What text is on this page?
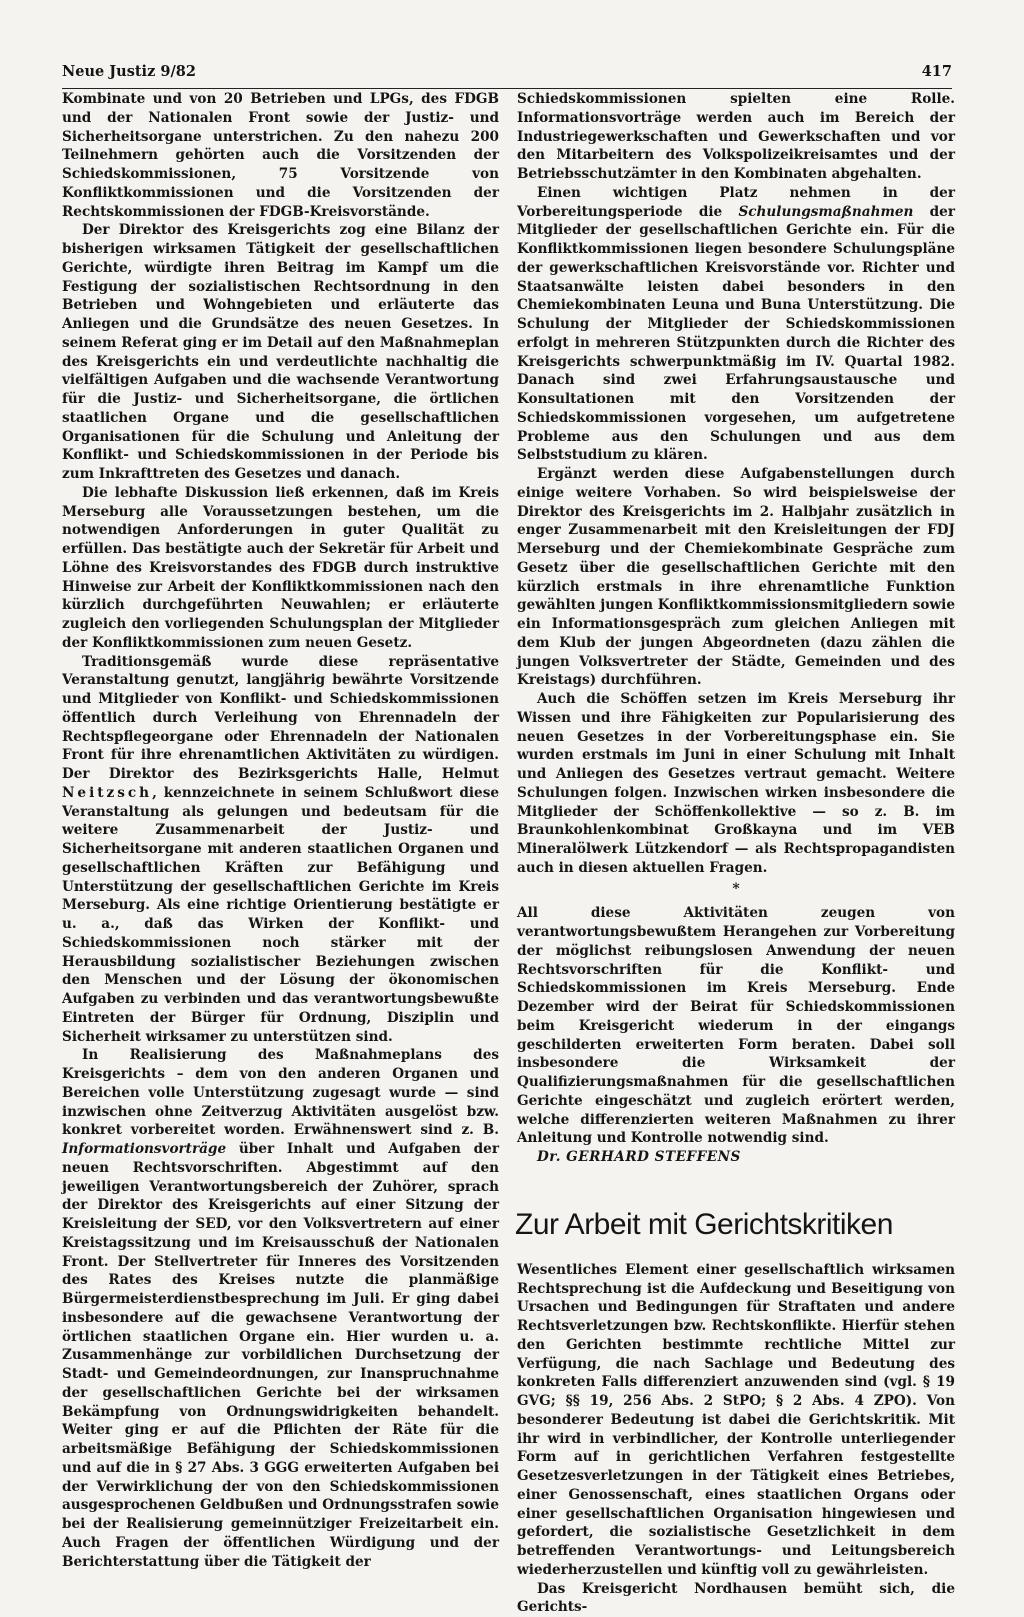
Neue Justiz 9/82	417

Kombinate und von 20 Betrieben und LPGs, des FDGB und der Nationalen Front sowie der Justiz- und Sicherheitsorgane unterstrichen. Zu den nahezu 200 Teilnehmern gehörten auch die Vorsitzenden der Schiedskommissionen, 75 Vorsitzende von Konfliktkommissionen und die Vorsitzenden der Rechtskommissionen der FDGB-Kreisvorstände.

Der Direktor des Kreisgerichts zog eine Bilanz der bisherigen wirksamen Tätigkeit der gesellschaftlichen Gerichte, würdigte ihren Beitrag im Kampf um die Festigung der sozialistischen Rechtsordnung in den Betrieben und Wohngebieten und erläuterte das Anliegen und die Grundsätze des neuen Gesetzes. In seinem Referat ging er im Detail auf den Maßnahmeplan des Kreisgerichts ein und verdeutlichte nachhaltig die vielfältigen Aufgaben und die wachsende Verantwortung für die Justiz- und Sicherheitsorgane, die örtlichen staatlichen Organe und die gesellschaftlichen Organisationen für die Schulung und Anleitung der Konflikt- und Schiedskommissionen in der Periode bis zum Inkrafttreten des Gesetzes und danach.

Die lebhafte Diskussion ließ erkennen, daß im Kreis Merseburg alle Voraussetzungen bestehen, um die notwendigen Anforderungen in guter Qualität zu erfüllen. Das bestätigte auch der Sekretär für Arbeit und Löhne des Kreisvorstandes des FDGB durch instruktive Hinweise zur Arbeit der Konfliktkommissionen nach den kürzlich durchgeführten Neuwahlen; er erläuterte zugleich den vorliegenden Schulungsplan der Mitglieder der Konfliktkommissionen zum neuen Gesetz.

Traditionsgemäß wurde diese repräsentative Veranstaltung genutzt, langjährig bewährte Vorsitzende und Mitglieder von Konflikt- und Schiedskommissionen öffentlich durch Verleihung von Ehrennadeln der Rechtspflegeorgane oder Ehrennadeln der Nationalen Front für ihre ehrenamtlichen Aktivitäten zu würdigen. Der Direktor des Bezirksgerichts Halle, Helmut Neitzsch, kennzeichnete in seinem Schlußwort diese Veranstaltung als gelungen und bedeutsam für die weitere Zusammenarbeit der Justiz- und Sicherheitsorgane mit anderen staatlichen Organen und gesellschaftlichen Kräften zur Befähigung und Unterstützung der gesellschaftlichen Gerichte im Kreis Merseburg. Als eine richtige Orientierung bestätigte er u. a., daß das Wirken der Konflikt- und Schiedskommissionen noch stärker mit der Herausbildung sozialistischer Beziehungen zwischen den Menschen und der Lösung der ökonomischen Aufgaben zu verbinden und das verantwortungsbewußte Eintreten der Bürger für Ordnung, Disziplin und Sicherheit wirksamer zu unterstützen sind.

In Realisierung des Maßnahmeplans des Kreisgerichts – dem von den anderen Organen und Bereichen volle Unterstützung zugesagt wurde — sind inzwischen ohne Zeitverzug Aktivitäten ausgelöst bzw. konkret vorbereitet worden. Erwähnenswert sind z. B. Informationsvorträge über Inhalt und Aufgaben der neuen Rechtsvorschriften. Abgestimmt auf den jeweiligen Verantwortungsbereich der Zuhörer, sprach der Direktor des Kreisgerichts auf einer Sitzung der Kreisleitung der SED, vor den Volksvertretern auf einer Kreistagssitzung und im Kreisausschuß der Nationalen Front. Der Stellvertreter für Inneres des Vorsitzenden des Rates des Kreises nutzte die planmäßige Bürgermeisterdienstbesprechung im Juli. Er ging dabei insbesondere auf die gewachsene Verantwortung der örtlichen staatlichen Organe ein. Hier wurden u. a. Zusammenhänge zur vorbildlichen Durchsetzung der Stadt- und Gemeindeordnungen, zur Inanspruchnahme der gesellschaftlichen Gerichte bei der wirksamen Bekämpfung von Ordnungswidrigkeiten behandelt. Weiter ging er auf die Pflichten der Räte für die arbeitsmäßige Befähigung der Schiedskommissionen und auf die in § 27 Abs. 3 GGG erweiterten Aufgaben bei der Verwirklichung der von den Schiedskommissionen ausgesprochenen Geldbußen und Ordnungsstrafen sowie bei der Realisierung gemeinnütziger Freizeitarbeit ein. Auch Fragen der öffentlichen Würdigung und der Berichterstattung über die Tätigkeit der

Schiedskommissionen spielten eine Rolle. Informationsvorträge werden auch im Bereich der Industriegewerkschaften und Gewerkschaften und vor den Mitarbeitern des Volkspolizeikreisamtes und der Betriebsschutzämter in den Kombinaten abgehalten.

Einen wichtigen Platz nehmen in der Vorbereitungsperiode die Schulungsmaßnahmen der Mitglieder der gesellschaftlichen Gerichte ein. Für die Konfliktkommissionen liegen besondere Schulungspläne der gewerkschaftlichen Kreisvorstände vor. Richter und Staatsanwälte leisten dabei besonders in den Chemiekombinaten Leuna und Buna Unterstützung. Die Schulung der Mitglieder der Schiedskommissionen erfolgt in mehreren Stützpunkten durch die Richter des Kreisgerichts schwerpunktmäßig im IV. Quartal 1982. Danach sind zwei Erfahrungsaustausche und Konsultationen mit den Vorsitzenden der Schiedskommissionen vorgesehen, um aufgetretene Probleme aus den Schulungen und aus dem Selbststudium zu klären.

Ergänzt werden diese Aufgabenstellungen durch einige weitere Vorhaben. So wird beispielsweise der Direktor des Kreisgerichts im 2. Halbjahr zusätzlich in enger Zusammenarbeit mit den Kreisleitungen der FDJ Merseburg und der Chemiekombinate Gespräche zum Gesetz über die gesellschaftlichen Gerichte mit den kürzlich erstmals in ihre ehrenamtliche Funktion gewählten jungen Konfliktkommissionsmitgliedern sowie ein Informationsgespräch zum gleichen Anliegen mit dem Klub der jungen Abgeordneten (dazu zählen die jungen Volksvertreter der Städte, Gemeinden und des Kreistags) durchführen.

Auch die Schöffen setzen im Kreis Merseburg ihr Wissen und ihre Fähigkeiten zur Popularisierung des neuen Gesetzes in der Vorbereitungsphase ein. Sie wurden erstmals im Juni in einer Schulung mit Inhalt und Anliegen des Gesetzes vertraut gemacht. Weitere Schulungen folgen. Inzwischen wirken insbesondere die Mitglieder der Schöffenkollektive — so z. B. im Braunkohlenkombinat Großkayna und im VEB Mineralölwerk Lützkendorf — als Rechtspropagandisten auch in diesen aktuellen Fragen.

*

All diese Aktivitäten zeugen von verantwortungsbewußtem Herangehen zur Vorbereitung der möglichst reibungslosen Anwendung der neuen Rechtsvorschriften für die Konflikt- und Schiedskommissionen im Kreis Merseburg. Ende Dezember wird der Beirat für Schiedskommissionen beim Kreisgericht wiederum in der eingangs geschilderten erweiterten Form beraten. Dabei soll insbesondere die Wirksamkeit der Qualifizierungsmaßnahmen für die gesellschaftlichen Gerichte eingeschätzt und zugleich erörtert werden, welche differenzierten weiteren Maßnahmen zu ihrer Anleitung und Kontrolle notwendig sind.

Dr. GERHARD STEFFENS

Zur Arbeit mit Gerichtskritiken

Wesentliches Element einer gesellschaftlich wirksamen Rechtsprechung ist die Aufdeckung und Beseitigung von Ursachen und Bedingungen für Straftaten und andere Rechtsverletzungen bzw. Rechtskonflikte. Hierfür stehen den Gerichten bestimmte rechtliche Mittel zur Verfügung, die nach Sachlage und Bedeutung des konkreten Falls differenziert anzuwenden sind (vgl. § 19 GVG; §§ 19, 256 Abs. 2 StPO; § 2 Abs. 4 ZPO). Von besonderer Bedeutung ist dabei die Gerichtskritik. Mit ihr wird in verbindlicher, der Kontrolle unterliegender Form auf in gerichtlichen Verfahren festgestellte Gesetzesverletzungen in der Tätigkeit eines Betriebes, einer Genossenschaft, eines staatlichen Organs oder einer gesellschaftlichen Organisation hingewiesen und gefordert, die sozialistische Gesetzlichkeit in dem betreffenden Verantwortungs- und Leitungsbereich wiederherzustellen und künftig voll zu gewährleisten.

Das Kreisgericht Nordhausen bemüht sich, die Gerichts-
